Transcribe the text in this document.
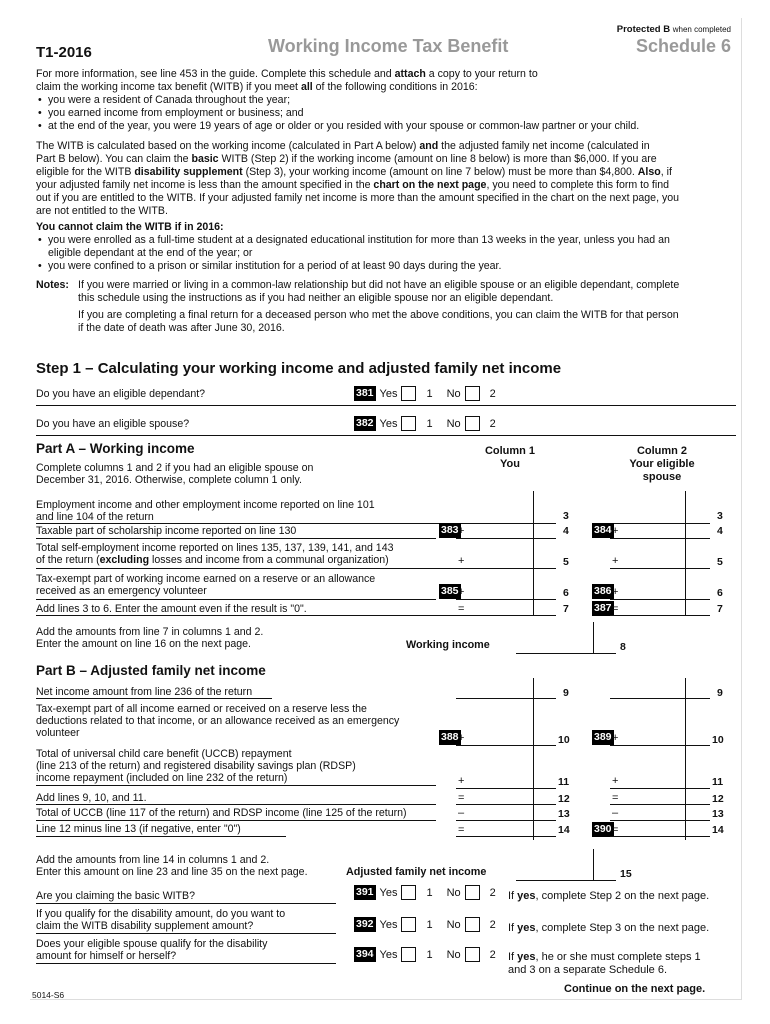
Protected B when completed
T1-2016	Working Income Tax Benefit	Schedule 6

For more information, see line 453 in the guide. Complete this schedule and attach a copy to your return to

claim the working income tax benefit (WITB) if you meet all of the following conditions in 2016:

• you were a resident of Canada throughout the year;
• you earned income from employment or business; and
• at the end of the year, you were 19 years of age or older or you resided with your spouse or common-law partner or your child.

The WITB is calculated based on the working income (calculated in Part A below) and the adjusted family net income (calculated in

Part B below). You can claim the basic WITB (Step 2) if the working income (amount on line 8 below) is more than $6,000. If you are

eligible for the WITB disability supplement (Step 3), your working income (amount on line 7 below) must be more than $4,800. Also, if

your adjusted family net income is less than the amount specified in the chart on the next page, you need to complete this form to find

out if you are entitled to the WITB. If your adjusted family net income is more than the amount specified in the chart on the next page, you

are not entitled to the WITB.

You cannot claim the WITB if in 2016:

• you were enrolled as a full-time student at a designated educational institution for more than 13 weeks in the year, unless you had an
eligible dependant at the end of the year; or
• you were confined to a prison or similar institution for a period of at least 90 days during the year.

Notes: If you were married or living in a common-law relationship but did not have an eligible spouse or an eligible dependant, complete

this schedule using the instructions as if you had neither an eligible spouse nor an eligible dependant.

If you are completing a final return for a deceased person who met the above conditions, you can claim the WITB for that person

if the date of death was after June 30, 2016.

Step 1 – Calculating your working income and adjusted family net income
Do you have an eligible dependant?	381 Yes	1 No	2
Do you have an eligible spouse?	382 Yes	1 No	2
Part A – Working income	Column 1
You
Column 2
Your eligible
spouse
Complete columns 1 and 2 if you had an eligible spouse on
December 31, 2016. Otherwise, complete column 1 only.
Employment income and other employment income reported on line 101
and line 104 of the return	3	3
Taxable part of scholarship income reported on line 130	383 +	4 384 +	4
Total self-employment income reported on lines 135, 137, 139, 141, and 143
of the return (excluding losses and income from a communal organization)	+	5	+	5
Tax-exempt part of working income earned on a reserve or an allowance
received as an emergency volunteer	385 +	6 386 +	6
Add lines 3 to 6. Enter the amount even if the result is "0".	=	7 387 =	7
Add the amounts from line 7 in columns 1 and 2.
Enter the amount on line 16 on the next page.	Working income	8
Part B – Adjusted family net income
Net income amount from line 236 of the return	9	9
Tax-exempt part of all income earned or received on a reserve less the
deductions related to that income, or an allowance received as an emergency
volunteer	388 +	10 389 +	10
Total of universal child care benefit (UCCB) repayment
(line 213 of the return) and registered disability savings plan (RDSP)
income repayment (included on line 232 of the return)	+	11	+	11
Add lines 9, 10, and 11.	=	12	=	12
Total of UCCB (line 117 of the return) and RDSP income (line 125 of the return)	–	13	–	13
Line 12 minus line 13 (if negative, enter "0")	=	14 390 =	14
Add the amounts from line 14 in columns 1 and 2.
Enter this amount on line 23 and line 35 on the next page.	Adjusted family net income	15
Are you claiming the basic WITB?	391 Yes	1 No	2 If yes, complete Step 2 on the next page.
If you qualify for the disability amount, do you want to
claim the WITB disability supplement amount?	392 Yes	1 No	2 If yes, complete Step 3 on the next page.
Does your eligible spouse qualify for the disability
amount for himself or herself?	394 Yes	1 No	2 If yes, he or she must complete steps 1
and 3 on a separate Schedule 6.
Continue on the next page.
5014-S6
